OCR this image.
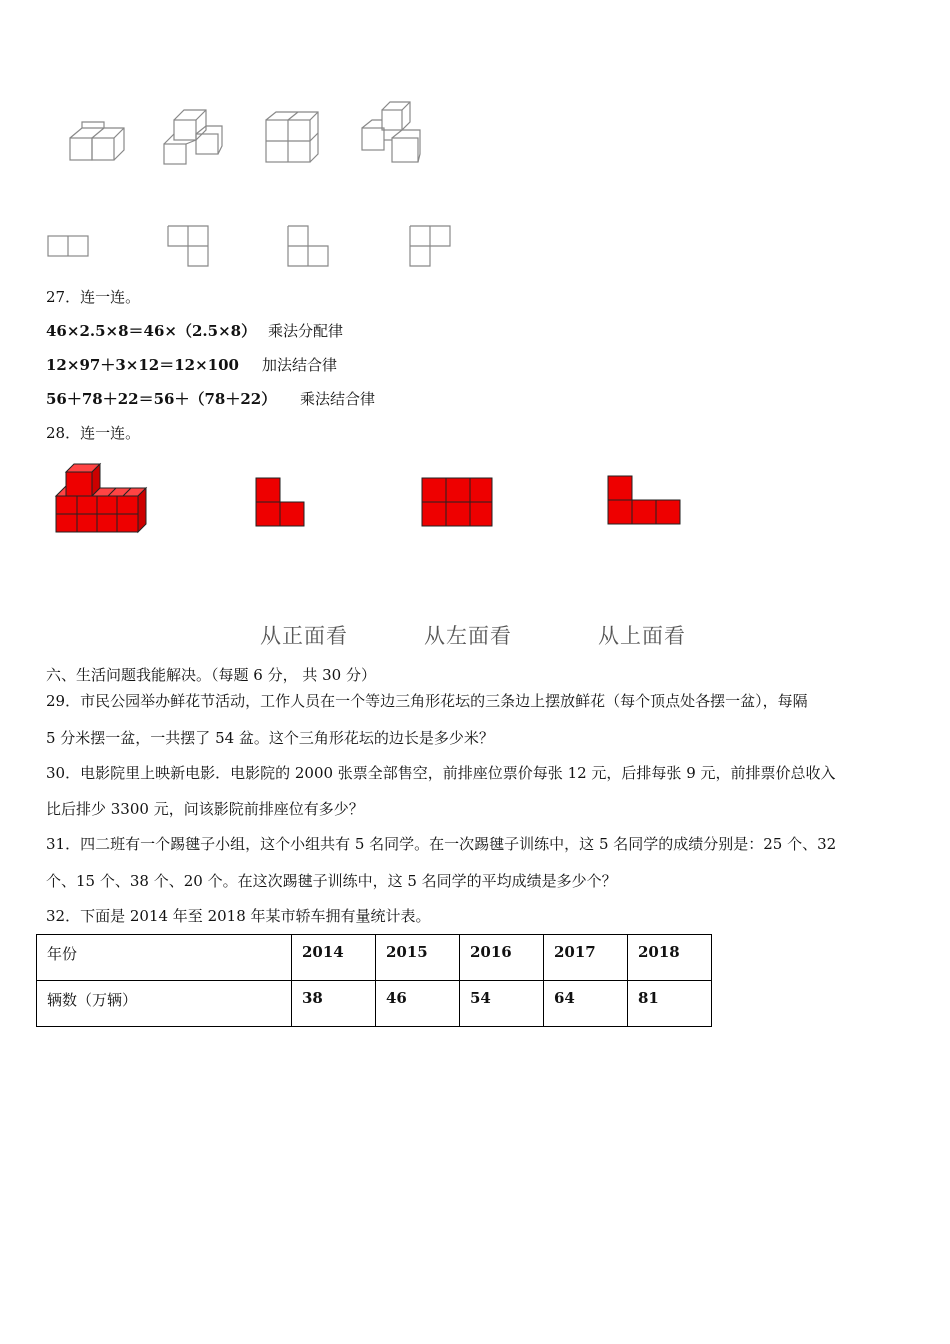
27．连一连。
46×2.5×8＝46×（2.5×8） 乘法分配律
12×97＋3×12＝12×100 加法结合律
56＋78＋22＝56＋（78＋22） 乘法结合律
28．连一连。
从正面看	从左面看	从上面看
六、生活问题我能解决。（每题 6 分， 共 30 分）
29．市民公园举办鲜花节活动，工作人员在一个等边三角形花坛的三条边上摆放鲜花（每个顶点处各摆一盆），每隔
5 分米摆一盆，一共摆了 54 盆。这个三角形花坛的边长是多少米？
30．电影院里上映新电影．电影院的 2000 张票全部售空，前排座位票价每张 12 元，后排每张 9 元，前排票价总收入
比后排少 3300 元，问该影院前排座位有多少？
31．四二班有一个踢毽子小组，这个小组共有 5 名同学。在一次踢毽子训练中，这 5 名同学的成绩分别是：25 个、32
个、15 个、38 个、20 个。在这次踢毽子训练中，这 5 名同学的平均成绩是多少个？
32．下面是 2014 年至 2018 年某市轿车拥有量统计表。
年份	2014	2015	2016	2017	2018
辆数（万辆）	38	46	54	64	81
